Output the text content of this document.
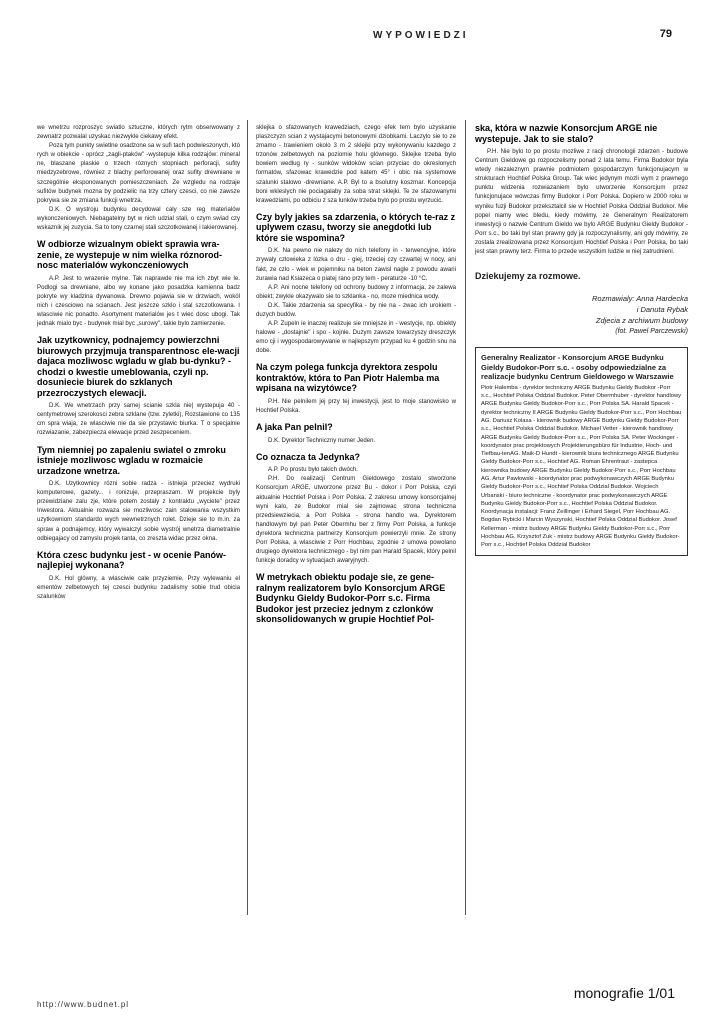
WYPOWIEDZI	79

we wnetrzu rozproszyc swiatlo sztuczne, których rytm obserwowany z zewnatrz pozwalal uzyskac niezwykle ciekawy efekt.

Poza tym punkty swietlne osadzone sa w sufi tach podwieszonych, któ rych w obiekcie - oprócz „zagli-ptaków" -wystepuje kilka rodzajów: mineral ne, blaszane plaskie o trzech róznych stopniach perforacji, sufity miedzyzebrowe, równiez z blachy perforowanej oraz sufity drewniane w szczególnie eksponowanych pomieszczeniach. Ze wzgledu na rodzaje sufitów budynek mozna by podzielic na trzy cztery czesci, co nie zawsze pokrywa sie ze zmiana funkcji wnetrza.

D.K. O wystroju budynku decydowal caly sze reg materialów wykonczeniowych. Niebagatelny byt w nich udzial stali, o czym swiad czy wskaznik jej zuzycia. Sa to tony czarnej stali szczotkowanej i lakierowanej.

W odbiorze wizualnym obiekt sprawia wra-zenie, ze wystepuje w nim wielka róznorod-nosc materialów wykonczeniowych

A.P. Jest to wrazenie myIne. Tak naprawde nie ma ich zbyt wie le. Podlogi sa drewniane, albo wy konane jako posadzka kamienna badz pokryte wy kladzina dywanowa. Drewno pojawia sie w drzwiach, wokól nich i czesciowo na scianach. Jest jeszcze szklo i stal szczotkowana. I wlasciwie nic ponadto. Asortyment materialów jes t wiec dosc ubogi. Tak jednak mialo byc - budynek mial byc „surowy", takie bylo zamierzenie.

Jak uzytkownicy, podnajemcy powierzchni biurowych przyjmuja transparentnosc ele-wacji dajaca mozliwosc wgladu w glab bu-dynku? - chodzi o kwestie umeblowania, czyli np. dosuniecie biurek do szklanych przezroczystych elewacji.

D.K. We wnetrzach przy samej scianie szkla nie| wystepuja 40 -centymetrowej szerokosci zebra szklane (tzw. zyletki), Rozstawione co 135 cm spra wiaja, ze wlasciwie nie da sie przystawic biurka. T o specjalnie rozwiazanie, zabezpiecza elewacje przed zeszpeceniem.

Tym niemniej po zapaleniu swiatel o zmroku istnieje mozliwosc wgladu w rozmaicie urzadzone wnetrza.

D.K. Uzytkownicy rózni sobie radza - istnieja przeciez wydruki komputerowe, gazety... i ronizuje, przepraszam. W projekcie byly przewidziane zalu zje, które potem zostaly z kontraktu „wyciete" przez Inwestora. Aktualnie rozwaza sie mozliwosc zain stalowania wszystkim uzytkowniom standardo wych wewnetrznych rolet. Dzieje sie to m.in. za spraw a podnajemcy, który wywalczyl sobie wystrój wnetrza diametralnie odbiegajacy od zamyslu projek tanta, co zreszta widac przez okna.

Która czesc budynku jest - w ocenie Panów-najlepiej wykonana?

D.K. Hol glówny, a wlasciwie cale przyziemie, Przy wylewaniu el ementów zelbetowych tej czesci budynku zadalismy sobie trud obicia szalunków

sklejka o sfazowanych krawedziach, czego efek tem bylo uzyskanie plaszczyzn scian z wystajacymi betonowymi dziobkami. Laczylo sie to ze zmamo - trawieniem okolo 3 m 2 sklejki przy wykonywaniu kazdego z trzonów zelbetowych na poziomie holu glównego. Sklejke trzeba bylo bowiem wedlug ry - sunków widoków scian przyciac do okreslonych formatów, sfazowac krawedzie pod katem 45° i obic nia systemowe szalunki stalowo -drewniane. A.P. Byl to a bsolutny koszmar. Koncepcja boni wkleslych nie pociagalaby za soba strat sklejki. Te ze sfazowanymi krawedziami, po odbiciu z sza lunków trzeba bylo po prostu wyrzucic.

Czy byly jakies sa zdarzenia, o których te-raz z uplywem czasu, tworzy sie anegdotki lub które sie wspomina?

D.K. Na pewno nie nalezy do nich telefony in - terwencyjne, które zrywaly czlowieka z lózka o dru - giej, trzeciej czy czwartej w nocy, ani fakt, ze czlo - wiek w pojemniku na beton zawisl nagle z powodu awarii zurawia nad Ksiazeca o piatej rano przy tem - peraturze -10 °C.

A.P. Ani nocne telefony od ochrony budowy z informacja, ze zalewa obiekt; zwykle okazywalo sie to szklanka - no, moze miednica wody.

D.K. Takie zdarzenia sa specyfika - by nie na - zwac ich urokiem - duzych budów.

A.P. Zupeln ie inaczej realizuje sie mniejsze in - westycje, np. obiekty halowe - „dostajnie" i spo - kojnie. Duzym zawsze towarzyszy dreszczyk emo cji i wygospodarowywanie w najlepszym przypad ku 4 godzin snu na dobe.

Na czym polega funkcja dyrektora zespolu kontraktów, która to Pan Piotr Halemba ma wpisana na wizytówce?

P.H. Nie pelnilem jej przy tej inwestycji, jest to moje stanowisko w Hochtief Polska.

A jaka Pan pelnil?

D.K. Dyrektor Techniczny numer Jeden.

Co oznacza ta Jedynka?

A.P. Po prostu było takich dwóch.

P.H. Do realizacji Centrum Gieldowego zostalo stworzone Konsorcjum ARGE, utworzone przez Bu - dokor i Porr Polska, czyli aktualnie Hochtief Polska i Porr Polska. Z zakresu umowy konsorcjalnej wyni kalo, ze Budokor mial sie zajmowac strona techniczna przedsiewziecia, a Porr Polska - strona handlo wa. Dyrektorem handlowym byl pan Peter Obermhu ber z firmy Porr Polska, a funkcje dyrektora techniczna partnerzy Konsorcjum powierzyli mnie. Ze strony Porr Polska, a wlasciwie z Porr Hochbau, zgodnie z umowa powolano drugiego dyrektora technicznego - byl nim pan Harald Spacek, który pelnil funkcje doradcy w sytuacjach awaryjnych.

W metrykach obiektu podaje sie, ze gene-ralnym realizatorem bylo Konsorcjum ARGE Budynku Gieldy Budokor-Porr s.c. Firma Budokor jest przeciez jednym z czlonków skonsolidowanych w grupie Hochtief Pol-
ska, która w nazwie Konsorcjum ARGE nie wystepuje. Jak to sie stalo?

P.H. Nie bylo to po prostu mozliwe z racji chronologii zdarzen - budowe Centrum Gieldowe go rozpoczelismy ponad 2 lata temu. Firma Budokor byla wtedy niezaleznym prawnie podmiotem gospodarczym funkcjonujacym w strukturach Hochtief Polska Group. Tak wiec jedynym mozli wym z prawnego punktu widzenia rozwiazaniem bylo utworzenie Konsorcjum przez funkcjonujace wówczas firmy Budokor i Porr Polska. Dopiero w 2000 roku w wyniku fuzji Budokor przeksztalcil sie w Hochtief Polska Oddzial Budokor. Mie popel niamy wiec bledu, kiedy mówimy, ze Generalnym Realizatorem inwestycji o nazwie Centrum Gieldo we bylo ARGE Budynku Gieldy Budokor -Porr s.c., bo taki byl stan prawny gdy ja rozpoczynalismy, ani gdy mówimy, ze zostala zrealizowana przez Konsorcjum Hochtief Polska i Porr Polska, bo taki jest stan prawny terz. Firma to przede wszystkim ludzie w niej zatrudnieni.

Dziekujemy za rozmowe.
Rozmawialy: Anna Hardecka
i Danuta Rybak
Zdjecia z archiwum budowy
(fot. Pawel Parczewski)
Generalny Realizator - Konsorcjum ARGE Budynku Gieldy Budokor-Porr s.c. - osoby odpowiedzialne za realizacje budynku Centrum Gieldowego w Warszawie

Piotr Halemba - dyrektor techniczny ARGE Budynku Gieldy Budokor -Porr s.c., Hochtief Polska Oddzial Budokor. Peter Obermhuber - dyrektor handlowy ARGE Budynku Gieldy Budokor-Porr s.c., Porr Polska SA. Harald Spacek - dyrektor techniczny II ARGE Budynku Gieldy Budokor-Porr s.c., Porr Hochbau AG. Dariusz Kolasa - kierownik budowy ARGE Budynku Gieldy Budokor-Porr s.c., Hochtief Polska Oddzial Budokor. Michael Vetter - kierownik handlowy ARGE Budynku Gieldy Budokor-Porr s.c., Porr Polska SA. Peter Wockinger - koordynator prac projektowych Projektierungsbüro für Industrie, Hoch- und Tiefbau-tenAG. Maik-D Hundt - kierownik biura technicznego ARGE Budynku Gieldy Budokor-Porr s.c., Hochtief AG. Roman Ehrentraut - zastepca kierownika budowy ARGE Budynku Gieldy Budokor-Porr s.c., Porr Hochbau AG. Artur Pawlowski - koordynator prac podwykonawczych ARGE Budynku Gieldy Budokor-Porr s.c., Hochtief Polska Oddzial Budokor. Wojciech Urbanski - biuro techniczne - koordynator prac podwykonawczych ARGE Budynku Gieldy Budokor-Porr s.c., Hochtief Polska Oddzial Budokor. Koordynacja instalacji: Franz Zeillinger i Erhard Siegel, Porr Hochbau AG. Bogdan Rybicki i Marcin Wyszynski, Hochtief Polska Oddzial Budokor. Josef Kellerman - mistrz budowy ARGE Budynku Gieldy Budokor-Porr s.c., Porr Hochbau AG. Krzysztof Zuk - mistrz budowy ARGE Budynku Gieldy Budokor-Porr s.c., Hochtief Polska Oddzial Budokor

http://www.budnet.pl
monografie 1/01
